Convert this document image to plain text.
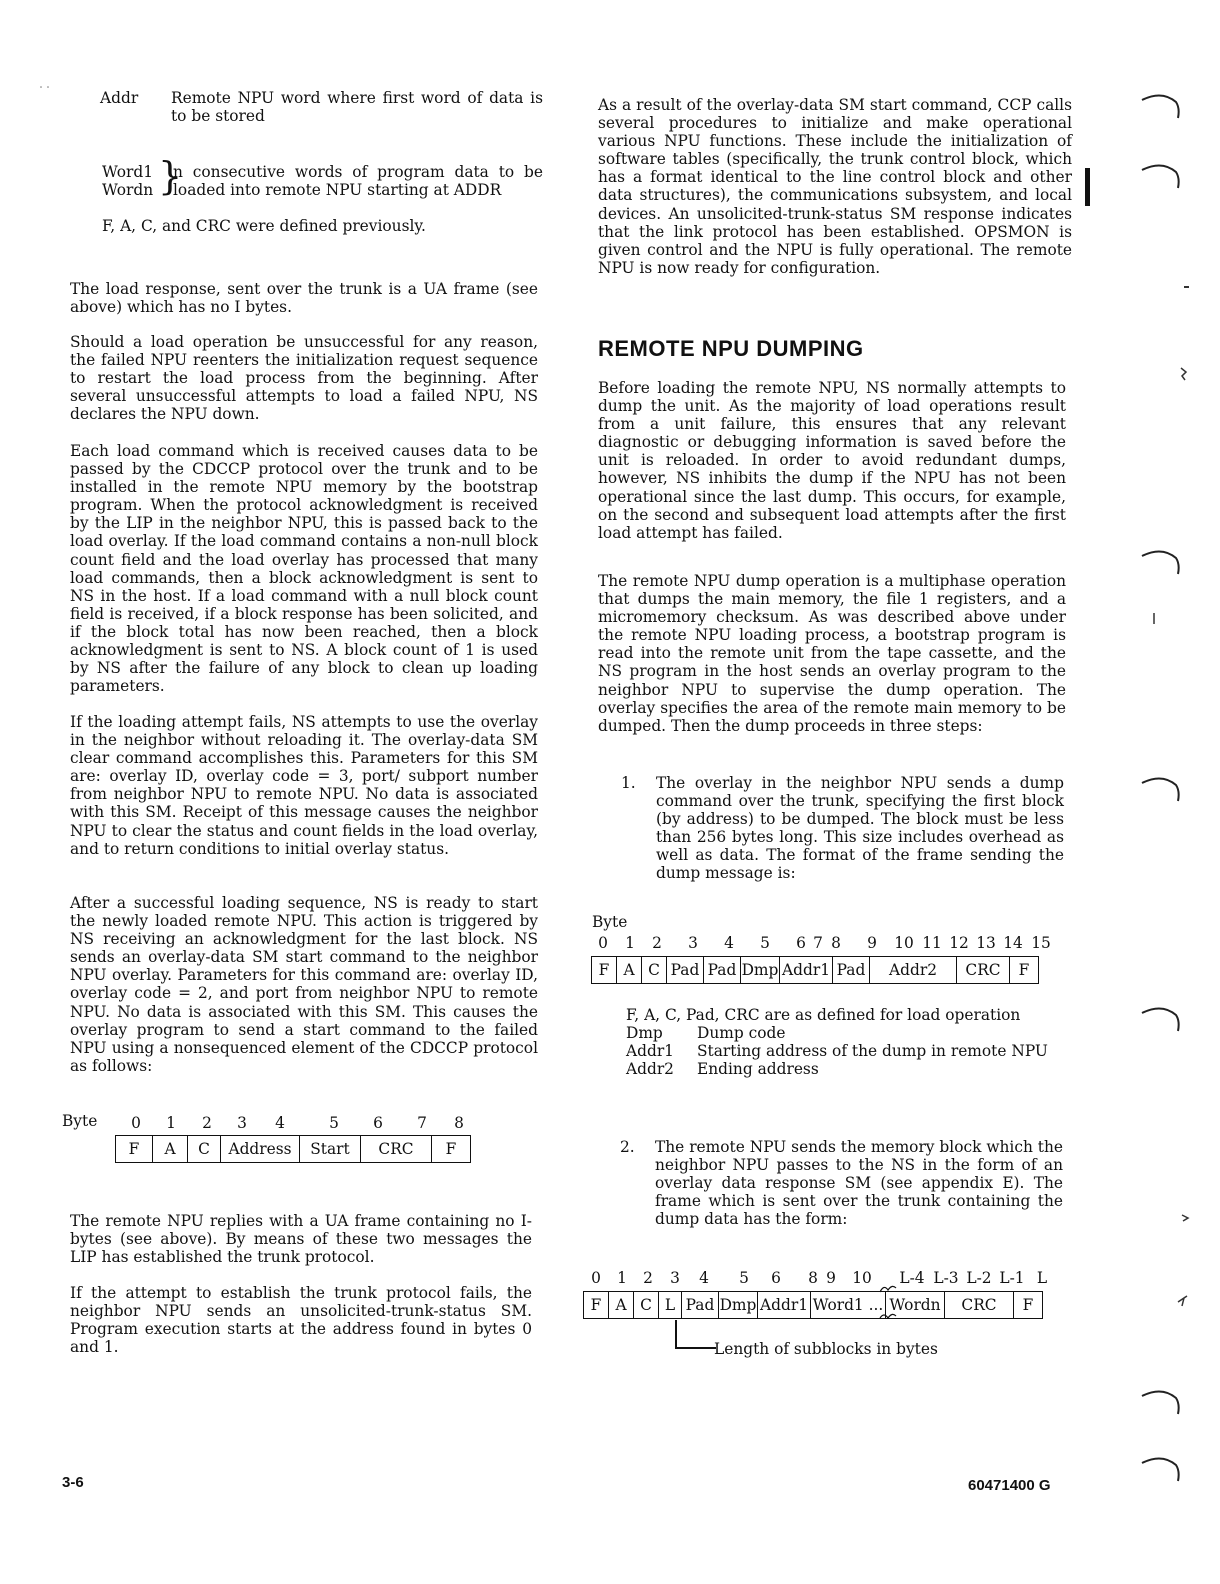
Addr Remote NPU word where first word of data is to be stored
Word1
Wordn }
n consecutive words of program data to be loaded into remote NPU starting at ADDR
F, A, C, and CRC were defined previously.

The load response, sent over the trunk is a UA frame (see above) which has no I bytes.

Should a load operation be unsuccessful for any reason, the failed NPU reenters the initialization request sequence to restart the load process from the beginning. After several unsuccessful attempts to load a failed NPU, NS declares the NPU down.

Each load command which is received causes data to be passed by the CDCCP protocol over the trunk and to be installed in the remote NPU memory by the bootstrap program. When the protocol acknowledgment is received by the LIP in the neighbor NPU, this is passed back to the load overlay. If the load command contains a non-null block count field and the load overlay has processed that many load commands, then a block acknowledgment is sent to NS in the host. If a load command with a null block count field is received, if a block response has been solicited, and if the block total has now been reached, then a block acknowledgment is sent to NS. A block count of 1 is used by NS after the failure of any block to clean up loading parameters.

If the loading attempt fails, NS attempts to use the overlay in the neighbor without reloading it. The overlay-data SM clear command accomplishes this. Parameters for this SM are: overlay ID, overlay code = 3, port/ subport number from neighbor NPU to remote NPU. No data is associated with this SM. Receipt of this message causes the neighbor NPU to clear the status and count fields in the load overlay, and to return conditions to initial overlay status.

After a successful loading sequence, NS is ready to start the newly loaded remote NPU. This action is triggered by NS receiving an acknowledgment for the last block. NS sends an overlay-data SM start command to the neighbor NPU overlay. Parameters for this command are: overlay ID, overlay code = 2, and port from neighbor NPU to remote NPU. No data is associated with this SM. This causes the overlay program to send a start command to the failed NPU using a nonsequenced element of the CDCCP protocol as follows:

Byte 0 1 2 3 4	5 6 7 8
F	A	C	Address	Start	CRC	F

The remote NPU replies with a UA frame containing no I-bytes (see above). By means of these two messages the LIP has established the trunk protocol.

If the attempt to establish the trunk protocol fails, the neighbor NPU sends an unsolicited-trunk-status SM. Program execution starts at the address found in bytes 0 and 1.

3-6

As a result of the overlay-data SM start command, CCP calls several procedures to initialize and make operational various NPU functions. These include the initialization of software tables (specifically, the trunk control block, which has a format identical to the line control block and other data structures), the communications subsystem, and local devices. An unsolicited-trunk-status SM response indicates that the link protocol has been established. OPSMON is given control and the NPU is fully operational. The remote NPU is now ready for configuration.

REMOTE NPU DUMPING

Before loading the remote NPU, NS normally attempts to dump the unit. As the majority of load operations result from a unit failure, this ensures that any relevant diagnostic or debugging information is saved before the unit is reloaded. In order to avoid redundant dumps, however, NS inhibits the dump if the NPU has not been operational since the last dump. This occurs, for example, on the second and subsequent load attempts after the first load attempt has failed.

The remote NPU dump operation is a multiphase operation that dumps the main memory, the file 1 registers, and a micromemory checksum. As was described above under the remote NPU loading process, a bootstrap program is read into the remote unit from the tape cassette, and the NS program in the host sends an overlay program to the neighbor NPU to supervise the dump operation. The overlay specifies the area of the remote main memory to be dumped. Then the dump proceeds in three steps:

1. The overlay in the neighbor NPU sends a dump command over the trunk, specifying the first block (by address) to be dumped. The block must be less than 256 bytes long. This size includes overhead as well as data. The format of the frame sending the dump message is:

Byte
0 1 2 3 4 5 6 7 8 9 10 11 12 13 14 15
F	A	C	Pad	Pad	Dmp	Addr1	Pad	Addr2	CRC	F
F, A, C, Pad, CRC are as defined for load operation
Dmp Dump code
Addr1 Starting address of the dump in remote NPU
Addr2 Ending address
2. The remote NPU sends the memory block which the neighbor NPU passes to the NS in the form of an overlay data response SM (see appendix E). The frame which is sent over the trunk containing the dump data has the form:

0 1 2 3 4 5 6 8 9 10 L-4 L-3 L-2 L-1 L
F	A	C	L	Pad	Dmp	Addr1	Word1 ...	Wordn	CRC	F
Length of subblocks in bytes
60471400 G
